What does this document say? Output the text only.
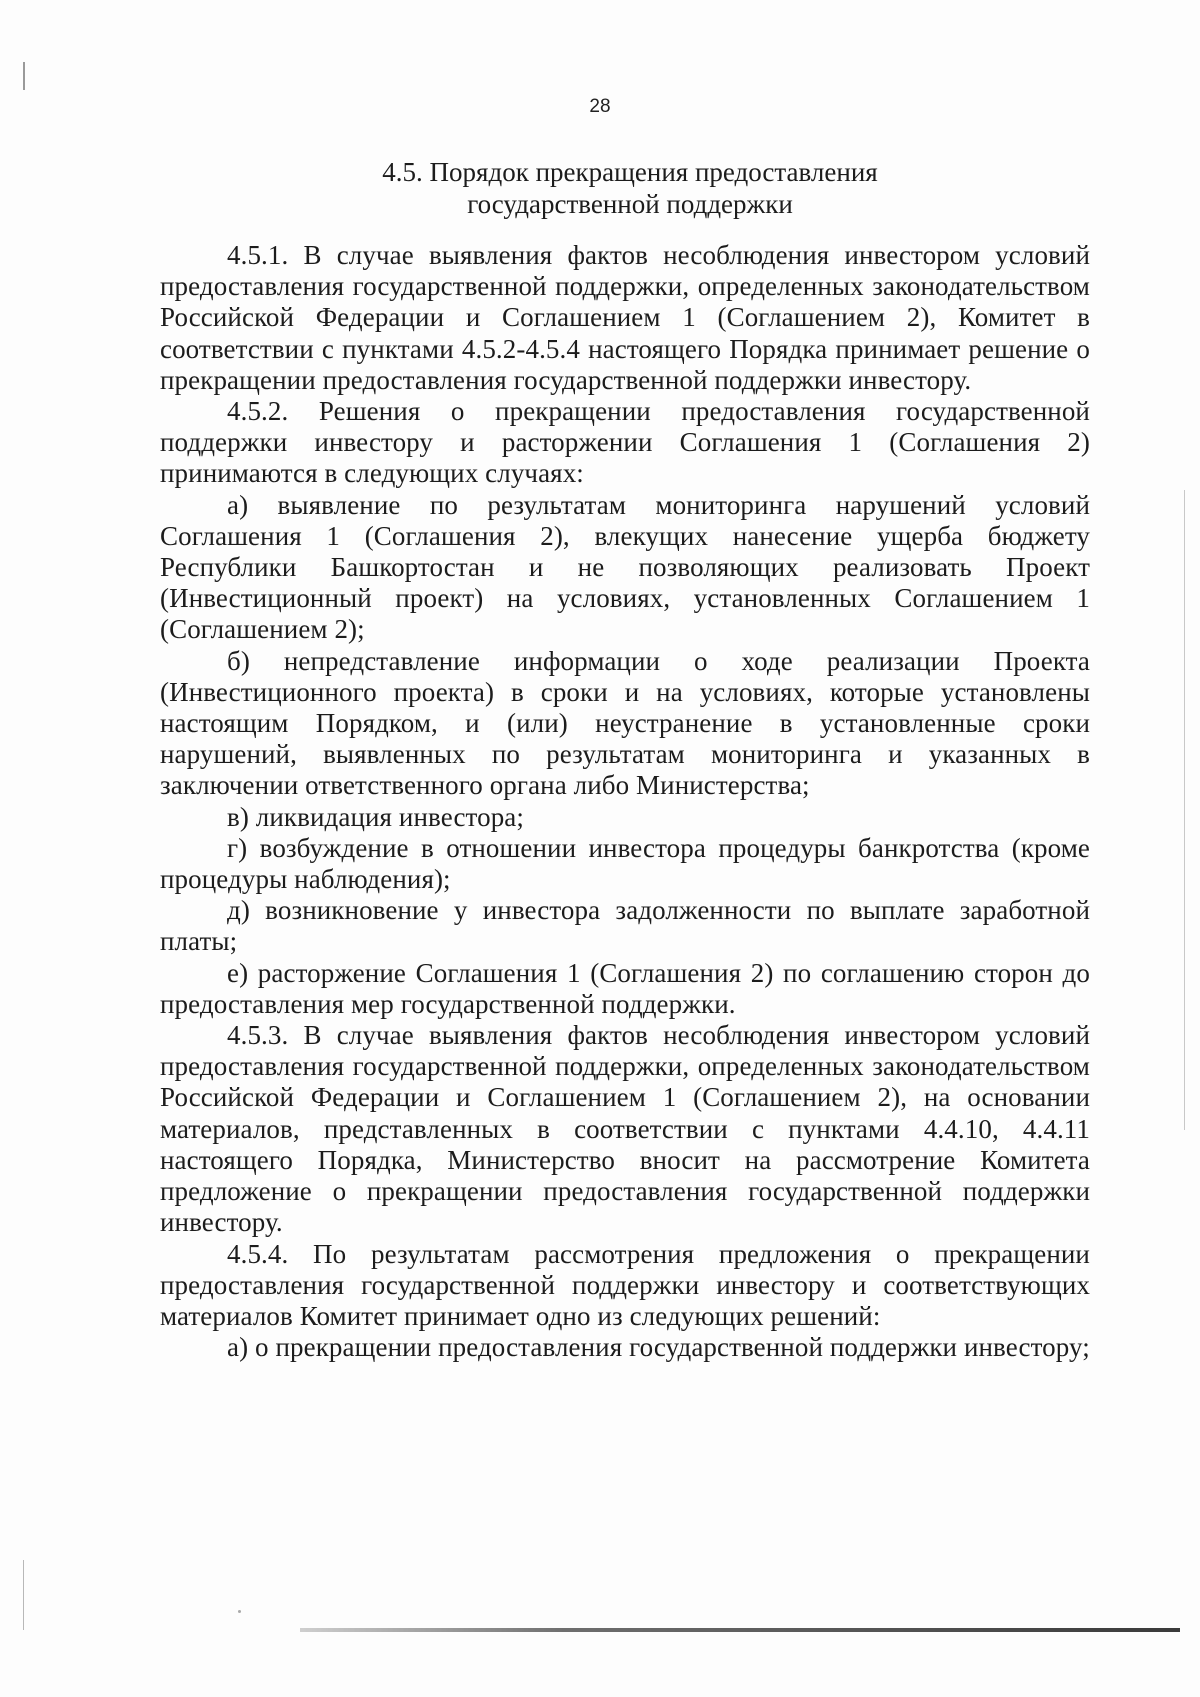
28
4.5. Порядок прекращения предоставления
государственной поддержки

4.5.1. В случае выявления фактов несоблюдения инвестором условий предоставления государственной поддержки, определенных законодательством Российской Федерации и Соглашением 1 (Соглашением 2), Комитет в соответствии с пунктами 4.5.2-4.5.4 настоящего Порядка принимает решение о прекращении предоставления государственной поддержки инвестору.

4.5.2. Решения о прекращении предоставления государственной поддержки инвестору и расторжении Соглашения 1 (Соглашения 2) принимаются в следующих случаях:

а) выявление по результатам мониторинга нарушений условий Соглашения 1 (Соглашения 2), влекущих нанесение ущерба бюджету Республики Башкортостан и не позволяющих реализовать Проект (Инвестиционный проект) на условиях, установленных Соглашением 1 (Соглашением 2);

б) непредставление информации о ходе реализации Проекта (Инвестиционного проекта) в сроки и на условиях, которые установлены настоящим Порядком, и (или) неустранение в установленные сроки нарушений, выявленных по результатам мониторинга и указанных в заключении ответственного органа либо Министерства;

в) ликвидация инвестора;

г) возбуждение в отношении инвестора процедуры банкротства (кроме процедуры наблюдения);

д) возникновение у инвестора задолженности по выплате заработной платы;

е) расторжение Соглашения 1 (Соглашения 2) по соглашению сторон до предоставления мер государственной поддержки.

4.5.3. В случае выявления фактов несоблюдения инвестором условий предоставления государственной поддержки, определенных законодательством Российской Федерации и Соглашением 1 (Соглашением 2), на основании материалов, представленных в соответствии с пунктами 4.4.10, 4.4.11 настоящего Порядка, Министерство вносит на рассмотрение Комитета предложение о прекращении предоставления государственной поддержки инвестору.

4.5.4. По результатам рассмотрения предложения о прекращении предоставления государственной поддержки инвестору и соответствующих материалов Комитет принимает одно из следующих решений:

а) о прекращении предоставления государственной поддержки инвестору;
